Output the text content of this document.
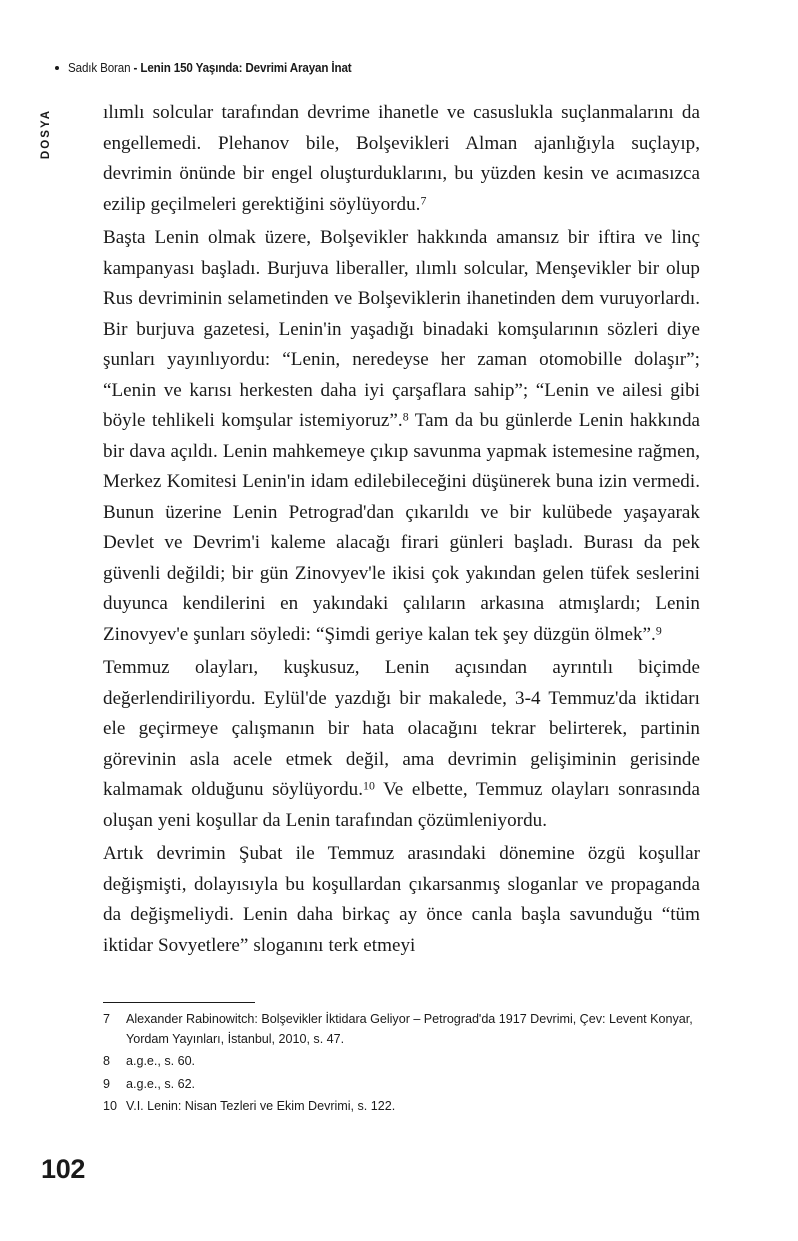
Sadık Boran - Lenin 150 Yaşında: Devrimi Arayan İnat
DOSYA	ılımlı solcular tarafından devrime ihanetle ve casuslukla suçlanmalarını da engellemedi. Plehanov bile, Bolşevikleri Alman ajanlığıyla suçlayıp, devrimin önünde bir engel oluşturduklarını, bu yüzden kesin ve acımasızca ezilip geçilmeleri gerektiğini söylüyordu.$^7$

Başta Lenin olmak üzere, Bolşevikler hakkında amansız bir iftira ve linç kampanyası başladı. Burjuva liberaller, ılımlı solcular, Menşevikler bir olup Rus devriminin selametinden ve Bolşeviklerin ihanetinden dem vuruyorlardı. Bir burjuva gazetesi, Lenin'in yaşadığı binadaki komşularının sözleri diye şunları yayınlıyordu: “Lenin, neredeyse her zaman otomobille dolaşır”; “Lenin ve karısı herkesten daha iyi çarşaflara sahip”; “Lenin ve ailesi gibi böyle tehlikeli komşular istemiyoruz”.$^8$ Tam da bu günlerde Lenin hakkında bir dava açıldı. Lenin mahkemeye çıkıp savunma yapmak istemesine rağmen, Merkez Komitesi Lenin'in idam edilebileceğini düşünerek buna izin vermedi. Bunun üzerine Lenin Petrograd'dan çıkarıldı ve bir kulübede yaşayarak Devlet ve Devrim'i kaleme alacağı firari günleri başladı. Burası da pek güvenli değildi; bir gün Zinovyev'le ikisi çok yakından gelen tüfek seslerini duyunca kendilerini en yakındaki çalıların arkasına atmışlardı; Lenin Zinovyev'e şunları söyledi: “Şimdi geriye kalan tek şey düzgün ölmek”.$^9$

Temmuz olayları, kuşkusuz, Lenin açısından ayrıntılı biçimde değerlendiriliyordu. Eylül'de yazdığı bir makalede, 3-4 Temmuz'da iktidarı ele geçirmeye çalışmanın bir hata olacağını tekrar belirterek, partinin görevinin asla acele etmek değil, ama devrimin gelişiminin gerisinde kalmamak olduğunu söylüyordu.$^{10}$ Ve elbette, Temmuz olayları sonrasında oluşan yeni koşullar da Lenin tarafından çözümleniyordu.

Artık devrimin Şubat ile Temmuz arasındaki dönemine özgü koşullar değişmişti, dolayısıyla bu koşullardan çıkarsanmış sloganlar ve propaganda da değişmeliydi. Lenin daha birkaç ay önce canla başla savunduğu “tüm iktidar Sovyetlere” sloganını terk etmeyi

7 Alexander Rabinowitch: Bolşevikler İktidara Geliyor – Petrograd'da 1917 Devrimi, Çev: Levent Konyar, Yordam Yayınları, İstanbul, 2010, s. 47.

8 a.g.e., s. 60.

9 a.g.e., s. 62.

10 V.I. Lenin: Nisan Tezleri ve Ekim Devrimi, s. 122.

102
